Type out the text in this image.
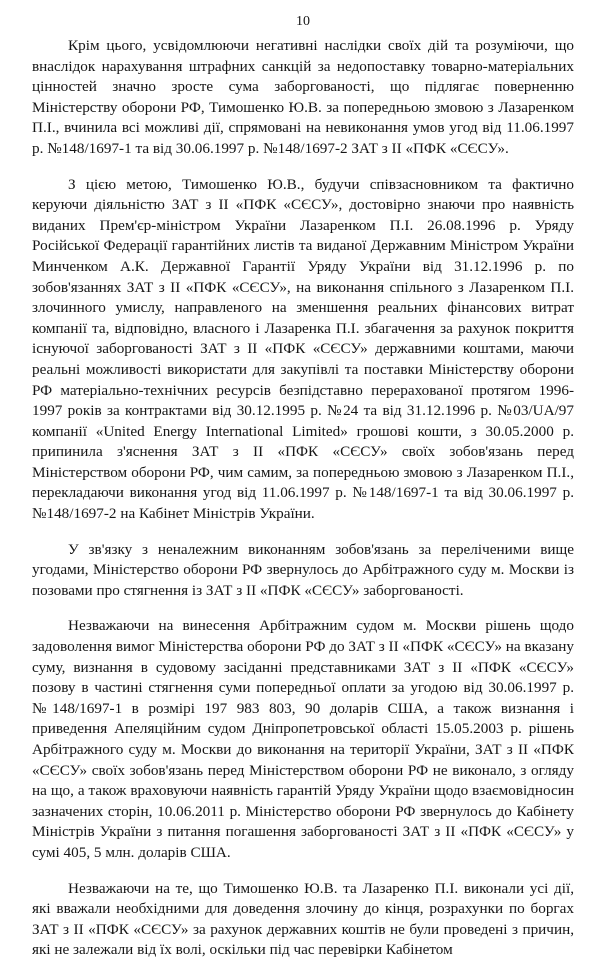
10

Крім цього, усвідомлюючи негативні наслідки своїх дій та розуміючи, що внаслідок нарахування штрафних санкцій за недопоставку товарно-матеріальних цінностей значно зросте сума заборгованості, що підлягає поверненню Міністерству оборони РФ, Тимошенко Ю.В. за попередньою змовою з Лазаренком П.І., вчинила всі можливі дії, спрямовані на невиконання умов угод від 11.06.1997 р. №148/1697-1 та від 30.06.1997 р. №148/1697-2 ЗАТ з ІІ «ПФК «СЄСУ».

З цією метою, Тимошенко Ю.В., будучи співзасновником та фактично керуючи діяльністю ЗАТ з ІІ «ПФК «СЄСУ», достовірно знаючи про наявність виданих Прем'єр-міністром України Лазаренком П.І. 26.08.1996 р. Уряду Російської Федерації гарантійних листів та виданої Державним Міністром України Минченком А.К. Державної Гарантії Уряду України від 31.12.1996 р. по зобов'язаннях ЗАТ з ІІ «ПФК «СЄСУ», на виконання спільного з Лазаренком П.І. злочинного умислу, направленого на зменшення реальних фінансових витрат компанії та, відповідно, власного і Лазаренка П.І. збагачення за рахунок покриття існуючої заборгованості ЗАТ з ІІ «ПФК «СЄСУ» державними коштами, маючи реальні можливості використати для закупівлі та поставки Міністерству оборони РФ матеріально-технічних ресурсів безпідставно перерахованої протягом 1996-1997 років за контрактами від 30.12.1995 р. №24 та від 31.12.1996 р. №03/UA/97 компанії «United Energy International Limited» грошові кошти, з 30.05.2000 р. припинила з'яснення ЗАТ з ІІ «ПФК «СЄСУ» своїх зобов'язань перед Міністерством оборони РФ, чим самим, за попередньою змовою з Лазаренком П.І., перекладаючи виконання угод від 11.06.1997 р. №148/1697-1 та від 30.06.1997 р. №148/1697-2 на Кабінет Міністрів України.

У зв'язку з неналежним виконанням зобов'язань за переліченими вище угодами, Міністерство оборони РФ звернулось до Арбітражного суду м. Москви із позовами про стягнення із ЗАТ з ІІ «ПФК «СЄСУ» заборгованості.

Незважаючи на винесення Арбітражним судом м. Москви рішень щодо задоволення вимог Міністерства оборони РФ до ЗАТ з ІІ «ПФК «СЄСУ» на вказану суму, визнання в судовому засіданні представниками ЗАТ з ІІ «ПФК «СЄСУ» позову в частині стягнення суми попередньої оплати за угодою від 30.06.1997 р. №148/1697-1 в розмірі 197 983 803, 90 доларів США, а також визнання і приведення Апеляційним судом Дніпропетровської області 15.05.2003 р. рішень Арбітражного суду м. Москви до виконання на території України, ЗАТ з ІІ «ПФК «СЄСУ» своїх зобов'язань перед Міністерством оборони РФ не виконало, з огляду на що, а також враховуючи наявність гарантій Уряду України щодо взаємовідносин зазначених сторін, 10.06.2011 р. Міністерство оборони РФ звернулось до Кабінету Міністрів України з питання погашення заборгованості ЗАТ з ІІ «ПФК «СЄСУ» у сумі 405, 5 млн. доларів США.

Незважаючи на те, що Тимошенко Ю.В. та Лазаренко П.І. виконали усі дії, які вважали необхідними для доведення злочину до кінця, розрахунки по боргах ЗАТ з ІІ «ПФК «СЄСУ» за рахунок державних коштів не були проведені з причин, які не залежали від їх волі, оскільки під час перевірки Кабінетом
